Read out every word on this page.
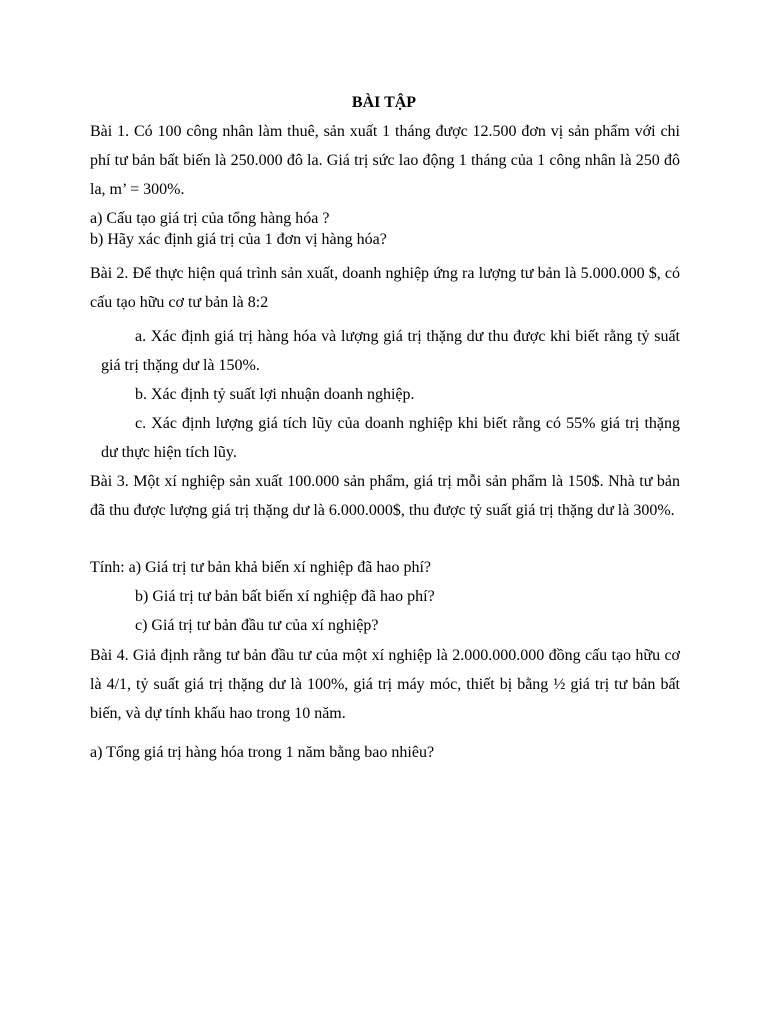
BÀI TẬP

Bài 1. Có 100 công nhân làm thuê, sản xuất 1 tháng được 12.500 đơn vị sản phẩm với chi phí tư bản bất biến là 250.000 đô la. Giá trị sức lao động 1 tháng của 1 công nhân là 250 đô la, m’ = 300%.

a) Cấu tạo giá trị của tổng hàng hóa ?
b) Hãy xác định giá trị của 1 đơn vị hàng hóa?

Bài 2. Để thực hiện quá trình sản xuất, doanh nghiệp ứng ra lượng tư bản là 5.000.000 $, có cấu tạo hữu cơ tư bản là 8:2

a. Xác định giá trị hàng hóa và lượng giá trị thặng dư thu được khi biết rằng tỷ suất giá trị thặng dư là 150%.

b. Xác định tỷ suất lợi nhuận doanh nghiệp.

c. Xác định lượng giá tích lũy của doanh nghiệp khi biết rằng có 55% giá trị thặng dư thực hiện tích lũy.

Bài 3. Một xí nghiệp sản xuất 100.000 sản phẩm, giá trị mỗi sản phẩm là 150$. Nhà tư bản đã thu được lượng giá trị thặng dư là 6.000.000$, thu được tỷ suất giá trị thặng dư là 300%.

Tính: a) Giá trị tư bản khả biến xí nghiệp đã hao phí?
b) Giá trị tư bản bất biến xí nghiệp đã hao phí?
c) Giá trị tư bản đầu tư của xí nghiệp?

Bài 4. Giả định rằng tư bản đầu tư của một xí nghiệp là 2.000.000.000 đồng cấu tạo hữu cơ là 4/1, tỷ suất giá trị thặng dư là 100%, giá trị máy móc, thiết bị bằng ½ giá trị tư bản bất biến, và dự tính khấu hao trong 10 năm.

a) Tổng giá trị hàng hóa trong 1 năm bằng bao nhiêu?
